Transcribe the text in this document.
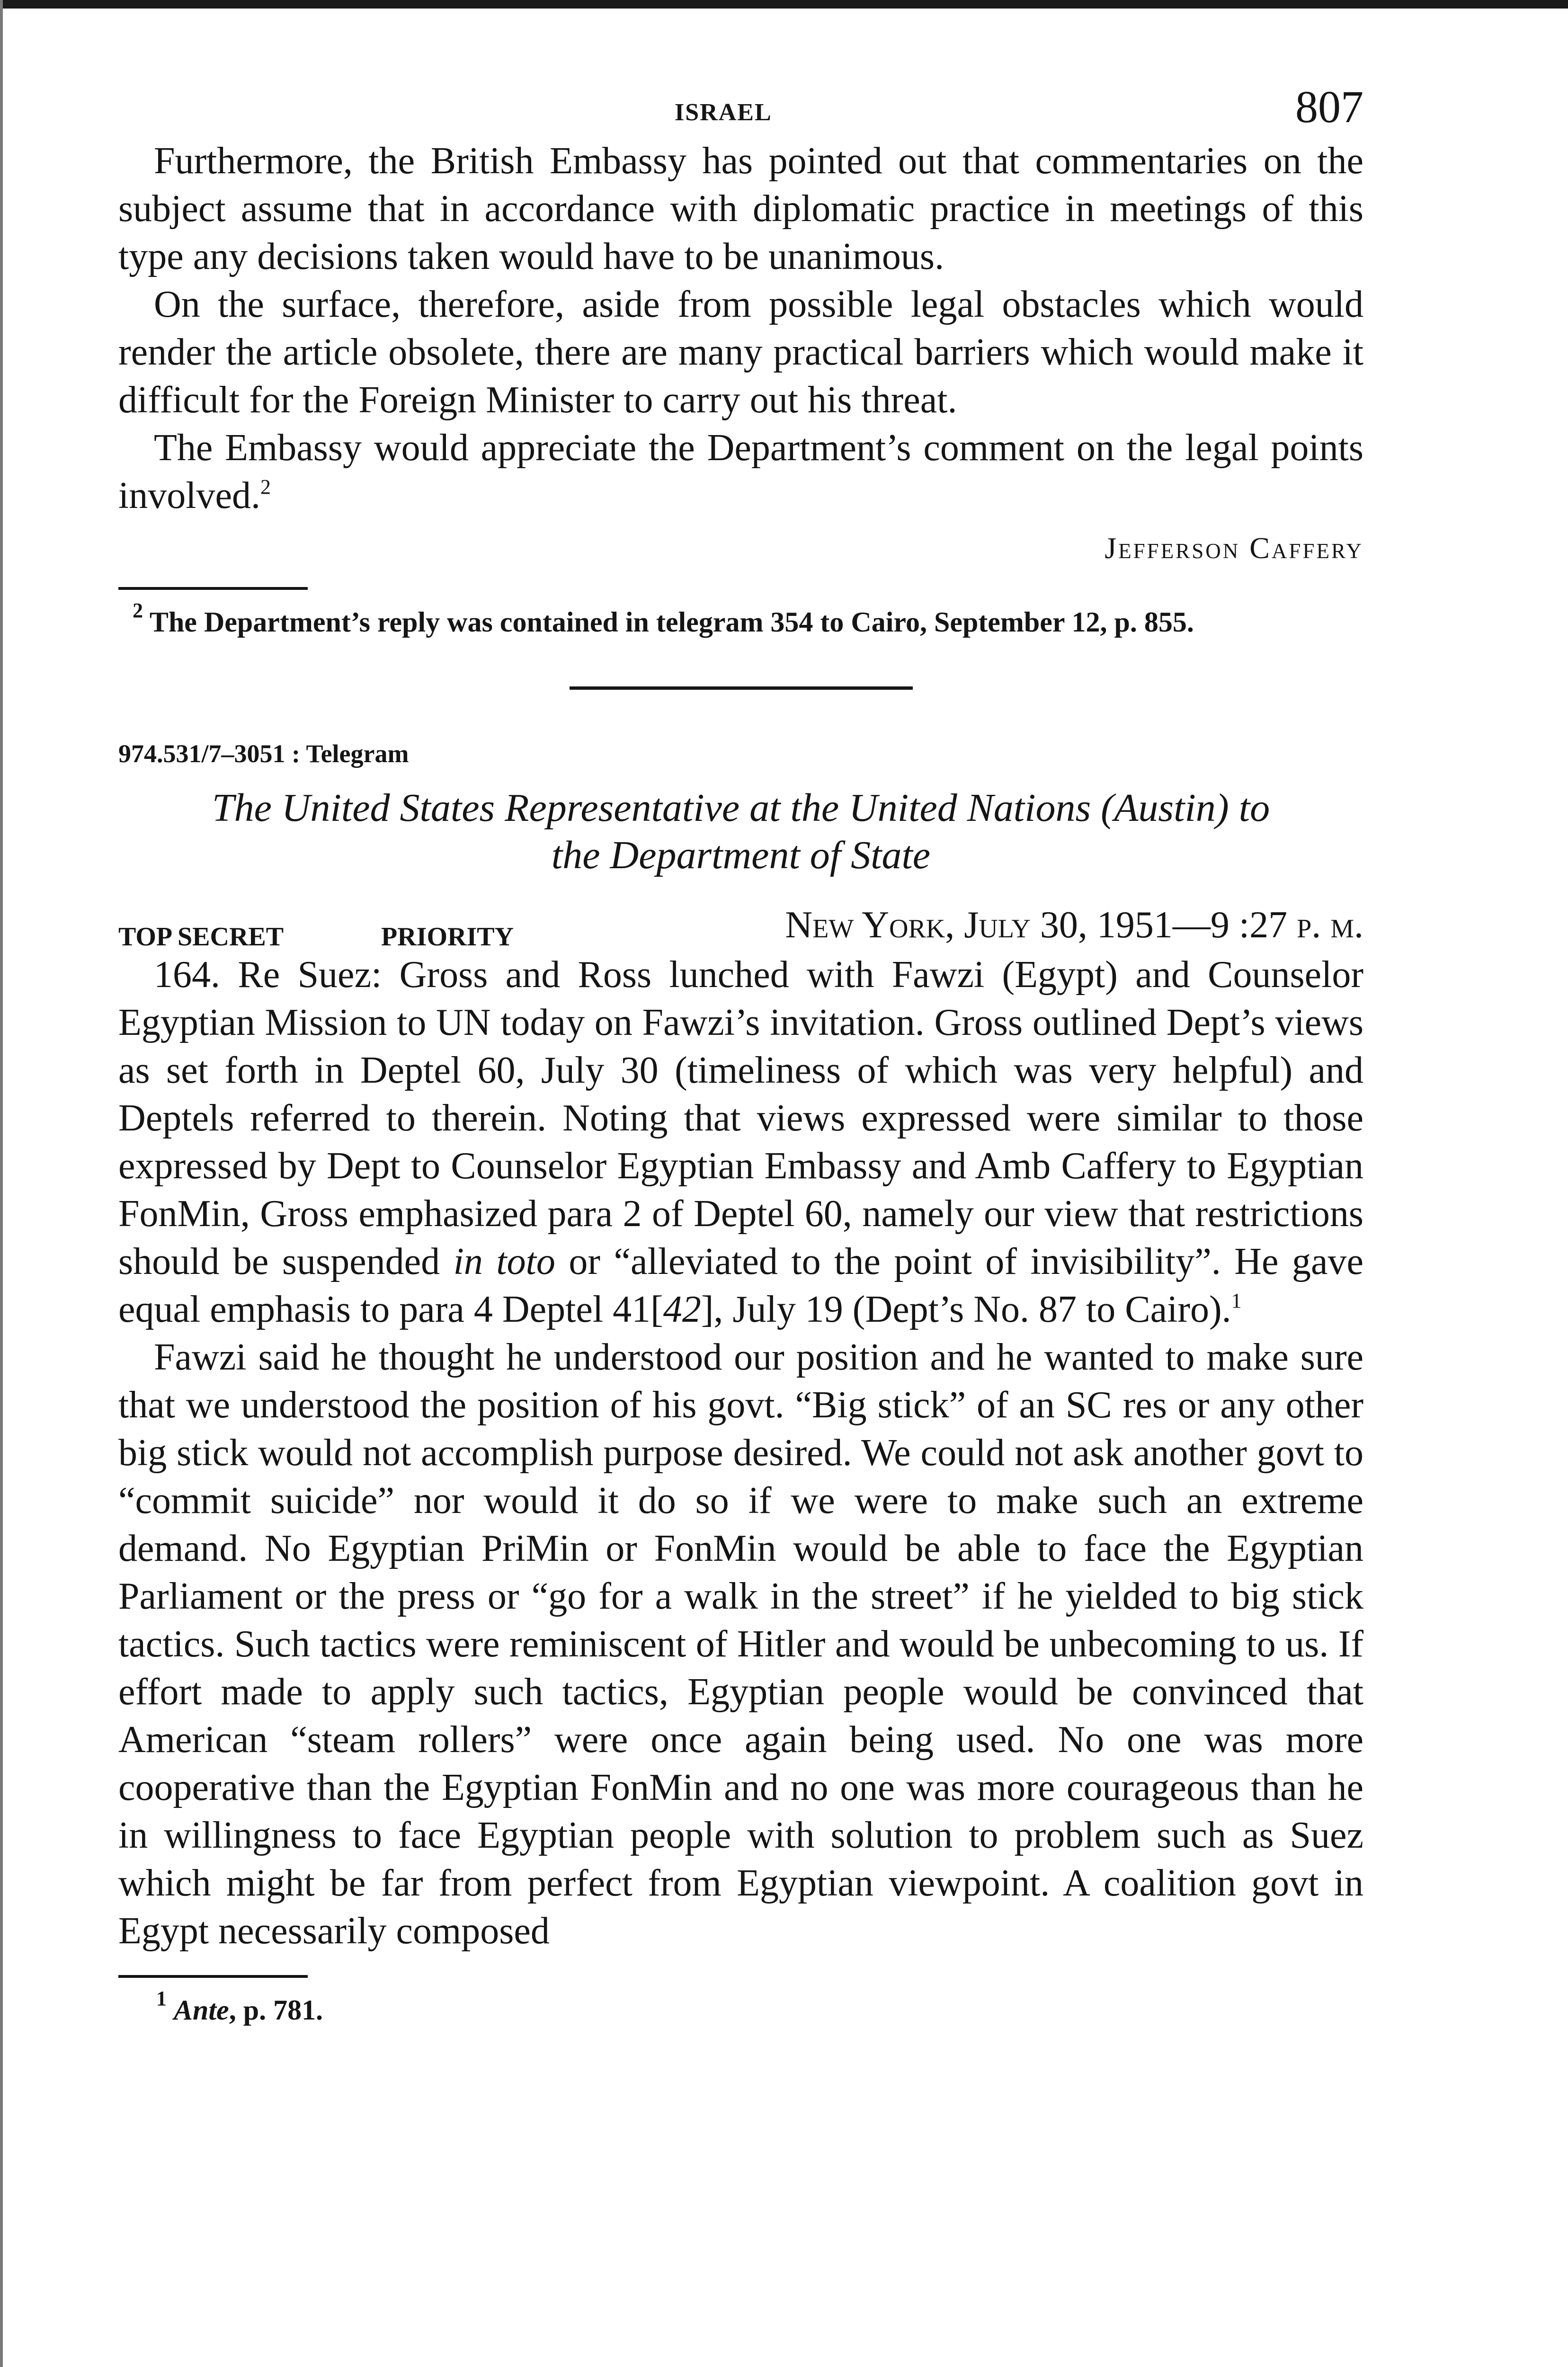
ISRAEL	807

Furthermore, the British Embassy has pointed out that commentaries on the subject assume that in accordance with diplomatic practice in meetings of this type any decisions taken would have to be unanimous.

On the surface, therefore, aside from possible legal obstacles which would render the article obsolete, there are many practical barriers which would make it difficult for the Foreign Minister to carry out his threat.

The Embassy would appreciate the Department’s comment on the legal points involved.$^2$

Jefferson Caffery

$^2$ The Department’s reply was contained in telegram 354 to Cairo, September 12, p. 855.

974.531/7–3051 : Telegram
The United States Representative at the United Nations (Austin) to
the Department of State
TOP SECRET	PRIORITY	New York, July 30, 1951—9 :27 p. m.

164. Re Suez: Gross and Ross lunched with Fawzi (Egypt) and Counselor Egyptian Mission to UN today on Fawzi’s invitation. Gross outlined Dept’s views as set forth in Deptel 60, July 30 (timeliness of which was very helpful) and Deptels referred to therein. Noting that views expressed were similar to those expressed by Dept to Counselor Egyptian Embassy and Amb Caffery to Egyptian FonMin, Gross emphasized para 2 of Deptel 60, namely our view that restrictions should be suspended in toto or “alleviated to the point of invisibility”. He gave equal emphasis to para 4 Deptel 41[42], July 19 (Dept’s No. 87 to Cairo).$^1$

Fawzi said he thought he understood our position and he wanted to make sure that we understood the position of his govt. “Big stick” of an SC res or any other big stick would not accomplish purpose desired. We could not ask another govt to “commit suicide” nor would it do so if we were to make such an extreme demand. No Egyptian PriMin or FonMin would be able to face the Egyptian Parliament or the press or “go for a walk in the street” if he yielded to big stick tactics. Such tactics were reminiscent of Hitler and would be unbecoming to us. If effort made to apply such tactics, Egyptian people would be convinced that American “steam rollers” were once again being used. No one was more cooperative than the Egyptian FonMin and no one was more courageous than he in willingness to face Egyptian people with solution to problem such as Suez which might be far from perfect from Egyptian viewpoint. A coalition govt in Egypt necessarily composed

$^1$ Ante, p. 781.
